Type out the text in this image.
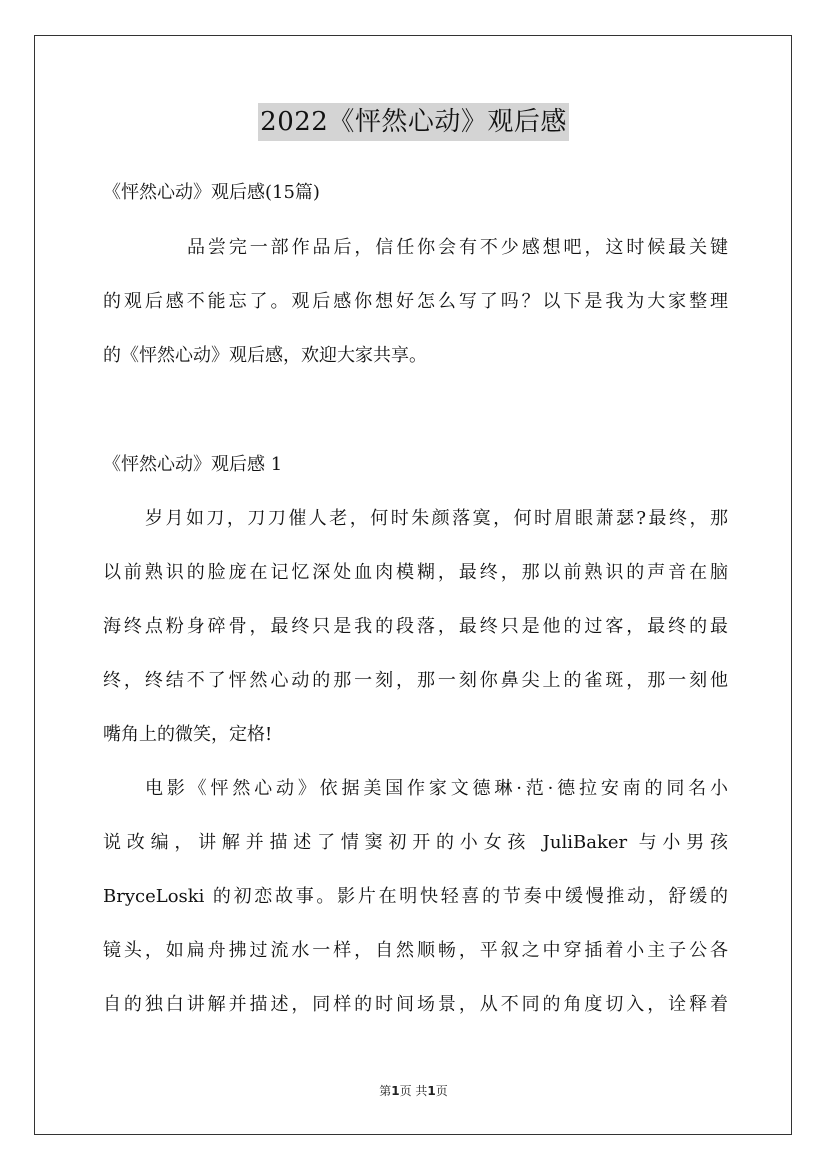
2022《怦然心动》观后感
《怦然心动》观后感(15篇)
品尝完一部作品后，信任你会有不少感想吧，这时候最关键
的观后感不能忘了。观后感你想好怎么写了吗？以下是我为大家整理
的《怦然心动》观后感，欢迎大家共享。
《怦然心动》观后感 1
岁月如刀，刀刀催人老，何时朱颜落寞，何时眉眼萧瑟?最终，那
以前熟识的脸庞在记忆深处血肉模糊，最终，那以前熟识的声音在脑
海终点粉身碎骨，最终只是我的段落，最终只是他的过客，最终的最
终，终结不了怦然心动的那一刻，那一刻你鼻尖上的雀斑，那一刻他
嘴角上的微笑，定格!
电影《怦然心动》依据美国作家文德琳·范·德拉安南的同名小
说改编，讲解并描述了情窦初开的小女孩 JuliBaker 与小男孩
BryceLoski 的初恋故事。影片在明快轻喜的节奏中缓慢推动，舒缓的
镜头，如扁舟拂过流水一样，自然顺畅，平叙之中穿插着小主子公各
自的独白讲解并描述，同样的时间场景，从不同的角度切入，诠释着
第1页 共1页
